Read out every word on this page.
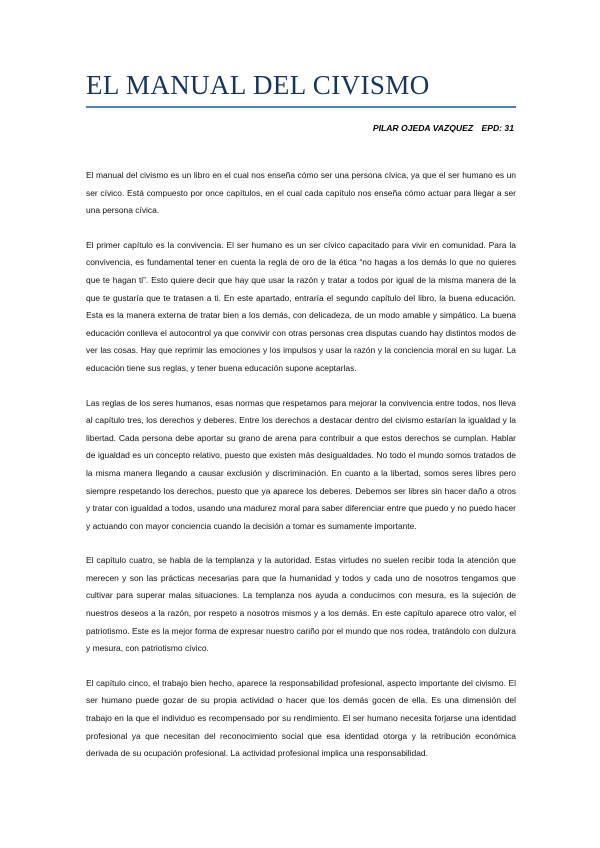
EL MANUAL DEL CIVISMO
PILAR OJEDA VAZQUEZ EPD: 31

El manual del civismo es un libro en el cual nos enseña cómo ser una persona cívica, ya que el ser humano es un ser cívico. Está compuesto por once capítulos, en el cual cada capítulo nos enseña cómo actuar para llegar a ser una persona cívica.

El primer capítulo es la convivencia. El ser humano es un ser cívico capacitado para vivir en comunidad. Para la convivencia, es fundamental tener en cuenta la regla de oro de la ética “no hagas a los demás lo que no quieres que te hagan ti”. Esto quiere decir que hay que usar la razón y tratar a todos por igual de la misma manera de la que te gustaría que te tratasen a ti. En este apartado, entraría el segundo capítulo del libro, la buena educación. Esta es la manera externa de tratar bien a los demás, con delicadeza, de un modo amable y simpático. La buena educación conlleva el autocontrol ya que convivir con otras personas crea disputas cuando hay distintos modos de ver las cosas. Hay que reprimir las emociones y los impulsos y usar la razón y la conciencia moral en su lugar. La educación tiene sus reglas, y tener buena educación supone aceptarlas.

Las reglas de los seres humanos, esas normas que respetamos para mejorar la convivencia entre todos, nos lleva al capítulo tres, los derechos y deberes. Entre los derechos a destacar dentro del civismo estarían la igualdad y la libertad. Cada persona debe aportar su grano de arena para contribuir a que estos derechos se cumplan. Hablar de igualdad es un concepto relativo, puesto que existen más desigualdades. No todo el mundo somos tratados de la misma manera llegando a causar exclusión y discriminación. En cuanto a la libertad, somos seres libres pero siempre respetando los derechos, puesto que ya aparece los deberes. Debemos ser libres sin hacer daño a otros y tratar con igualdad a todos, usando una madurez moral para saber diferenciar entre que puedo y no puedo hacer y actuando con mayor conciencia cuando la decisión a tomar es sumamente importante.

El capítulo cuatro, se habla de la templanza y la autoridad. Estas virtudes no suelen recibir toda la atención que merecen y son las prácticas necesarias para que la humanidad y todos y cada uno de nosotros tengamos que cultivar para superar malas situaciones. La templanza nos ayuda a conducimos con mesura, es la sujeción de nuestros deseos a la razón, por respeto a nosotros mismos y a los demás. En este capítulo aparece otro valor, el patriotismo. Este es la mejor forma de expresar nuestro cariño por el mundo que nos rodea, tratándolo con dulzura y mesura, con patriotismo cívico.

El capítulo cinco, el trabajo bien hecho, aparece la responsabilidad profesional, aspecto importante del civismo. El ser humano puede gozar de su propia actividad o hacer que los demás gocen de ella. Es una dimensión del trabajo en la que el individuo es recompensado por su rendimiento. El ser humano necesita forjarse una identidad profesional ya que necesitan del reconocimiento social que esa identidad otorga y la retribución económica derivada de su ocupación profesional. La actividad profesional implica una responsabilidad.
